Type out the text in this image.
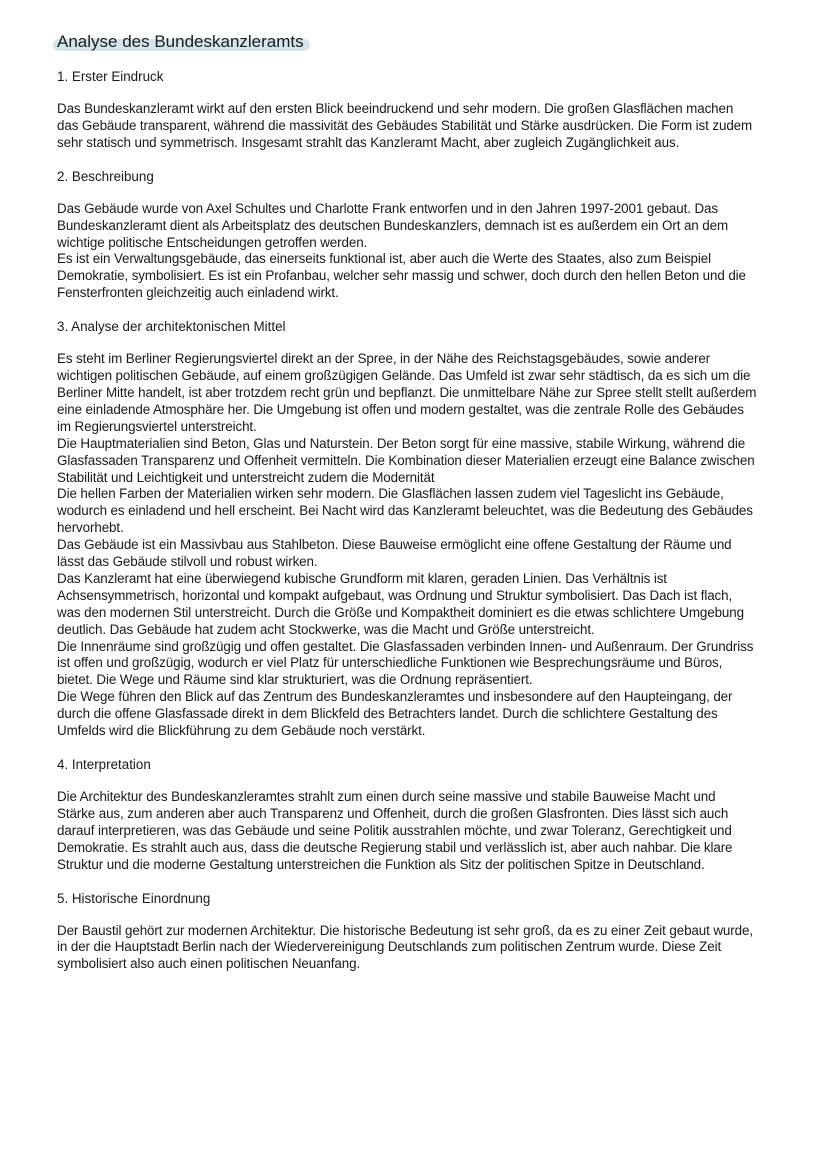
Analyse des Bundeskanzleramts
1. Erster Eindruck

Das Bundeskanzleramt wirkt auf den ersten Blick beeindruckend und sehr modern. Die großen Glasflächen machen das Gebäude transparent, während die massivität des Gebäudes Stabilität und Stärke ausdrücken. Die Form ist zudem sehr statisch und symmetrisch. Insgesamt strahlt das Kanzleramt Macht, aber zugleich Zugänglichkeit aus.

2. Beschreibung

Das Gebäude wurde von Axel Schultes und Charlotte Frank entworfen und in den Jahren 1997-2001 gebaut. Das Bundeskanzleramt dient als Arbeitsplatz des deutschen Bundeskanzlers, demnach ist es außerdem ein Ort an dem wichtige politische Entscheidungen getroffen werden.

Es ist ein Verwaltungsgebäude, das einerseits funktional ist, aber auch die Werte des Staates, also zum Beispiel Demokratie, symbolisiert. Es ist ein Profanbau, welcher sehr massig und schwer, doch durch den hellen Beton und die Fensterfronten gleichzeitig auch einladend wirkt.

3. Analyse der architektonischen Mittel

Es steht im Berliner Regierungsviertel direkt an der Spree, in der Nähe des Reichstagsgebäudes, sowie anderer wichtigen politischen Gebäude, auf einem großzügigen Gelände. Das Umfeld ist zwar sehr städtisch, da es sich um die Berliner Mitte handelt, ist aber trotzdem recht grün und bepflanzt. Die unmittelbare Nähe zur Spree stellt stellt außerdem eine einladende Atmosphäre her. Die Umgebung ist offen und modern gestaltet, was die zentrale Rolle des Gebäudes im Regierungsviertel unterstreicht.

Die Hauptmaterialien sind Beton, Glas und Naturstein. Der Beton sorgt für eine massive, stabile Wirkung, während die Glasfassaden Transparenz und Offenheit vermitteln. Die Kombination dieser Materialien erzeugt eine Balance zwischen Stabilität und Leichtigkeit und unterstreicht zudem die Modernität

Die hellen Farben der Materialien wirken sehr modern. Die Glasflächen lassen zudem viel Tageslicht ins Gebäude, wodurch es einladend und hell erscheint. Bei Nacht wird das Kanzleramt beleuchtet, was die Bedeutung des Gebäudes hervorhebt.

Das Gebäude ist ein Massivbau aus Stahlbeton. Diese Bauweise ermöglicht eine offene Gestaltung der Räume und lässt das Gebäude stilvoll und robust wirken.

Das Kanzleramt hat eine überwiegend kubische Grundform mit klaren, geraden Linien. Das Verhältnis ist Achsensymmetrisch, horizontal und kompakt aufgebaut, was Ordnung und Struktur symbolisiert. Das Dach ist flach, was den modernen Stil unterstreicht. Durch die Größe und Kompaktheit dominiert es die etwas schlichtere Umgebung deutlich. Das Gebäude hat zudem acht Stockwerke, was die Macht und Größe unterstreicht.

Die Innenräume sind großzügig und offen gestaltet. Die Glasfassaden verbinden Innen- und Außenraum. Der Grundriss ist offen und großzügig, wodurch er viel Platz für unterschiedliche Funktionen wie Besprechungsräume und Büros, bietet. Die Wege und Räume sind klar strukturiert, was die Ordnung repräsentiert.

Die Wege führen den Blick auf das Zentrum des Bundeskanzleramtes und insbesondere auf den Haupteingang, der durch die offene Glasfassade direkt in dem Blickfeld des Betrachters landet. Durch die schlichtere Gestaltung des Umfelds wird die Blickführung zu dem Gebäude noch verstärkt.

4. Interpretation

Die Architektur des Bundeskanzleramtes strahlt zum einen durch seine massive und stabile Bauweise Macht und Stärke aus, zum anderen aber auch Transparenz und Offenheit, durch die großen Glasfronten. Dies lässt sich auch darauf interpretieren, was das Gebäude und seine Politik ausstrahlen möchte, und zwar Toleranz, Gerechtigkeit und Demokratie. Es strahlt auch aus, dass die deutsche Regierung stabil und verlässlich ist, aber auch nahbar. Die klare Struktur und die moderne Gestaltung unterstreichen die Funktion als Sitz der politischen Spitze in Deutschland.

5. Historische Einordnung

Der Baustil gehört zur modernen Architektur. Die historische Bedeutung ist sehr groß, da es zu einer Zeit gebaut wurde, in der die Hauptstadt Berlin nach der Wiedervereinigung Deutschlands zum politischen Zentrum wurde. Diese Zeit symbolisiert also auch einen politischen Neuanfang.
